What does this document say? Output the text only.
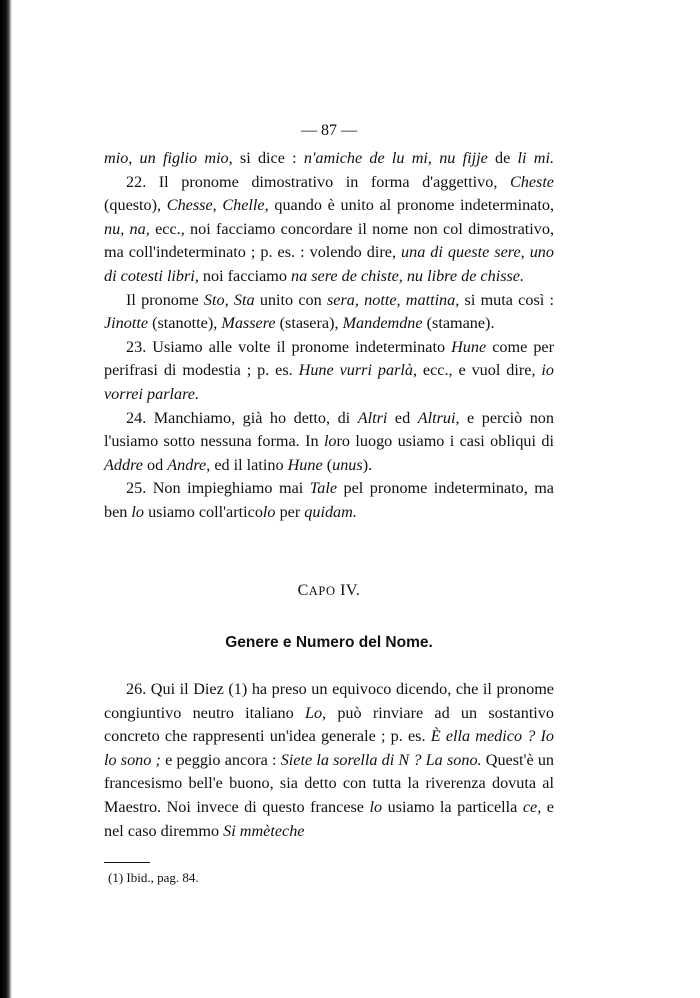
— 87 —

mio, un figlio mio, si dice : n'amiche de lu mi, nu fijje de li mi.

22. Il pronome dimostrativo in forma d'aggettivo, Cheste (questo), Chesse, Chelle, quando è unito al pronome indeterminato, nu, na, ecc., noi facciamo concordare il nome non col dimostrativo, ma coll'indeterminato ; p. es. : volendo dire, una di queste sere, uno di cotesti libri, noi facciamo na sere de chiste, nu libre de chisse.

Il pronome Sto, Sta unito con sera, notte, mattina, si muta così : Jinotte (stanotte), Massere (stasera), Mandemdne (stamane).

23. Usiamo alle volte il pronome indeterminato Hune come per perifrasi di modestia ; p. es. Hune vurri parlà, ecc., e vuol dire, io vorrei parlare.

24. Manchiamo, già ho detto, di Altri ed Altrui, e perciò non l'usiamo sotto nessuna forma. In loro luogo usiamo i casi obliqui di Addre od Andre, ed il latino Hune (unus).

25. Non impieghiamo mai Tale pel pronome indeterminato, ma ben lo usiamo coll'articolo per quidam.

CAPO IV.
Genere e Numero del Nome.

26. Qui il Diez (1) ha preso un equivoco dicendo, che il pronome congiuntivo neutro italiano Lo, può rinviare ad un sostantivo concreto che rappresenti un'idea generale ; p. es. È ella medico ? Io lo sono ; e peggio ancora : Siete la sorella di N ? La sono. Quest'è un francesismo bell'e buono, sia detto con tutta la riverenza dovuta al Maestro. Noi invece di questo francese lo usiamo la particella ce, e nel caso diremmo Si mmèteche

(1) Ibid., pag. 84.
